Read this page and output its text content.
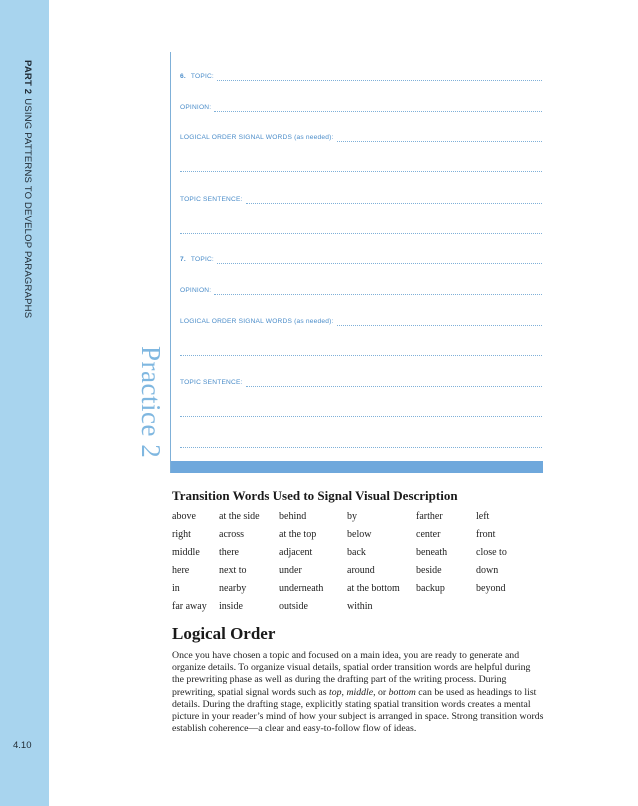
PART 2USING PATTERNS TO DEVELOP PARAGRAPHS
4.10
Practice 2
6. TOPIC:
OPINION:
LOGICAL ORDER SIGNAL WORDS (as needed):
TOPIC SENTENCE:
7. TOPIC:
OPINION:
LOGICAL ORDER SIGNAL WORDS (as needed):
TOPIC SENTENCE:
Transition Words Used to Signal Visual Description
above	at the side	behind	by	farther	left
right	across	at the top	below	center	front
middle	there	adjacent	back	beneath	close to
here	next to	under	around	beside	down
in	nearby	underneath	at the bottom	backup	beyond
far away	inside	outside	within		
Logical Order

Once you have chosen a topic and focused on a main idea, you are ready to generate and organize details. To organize visual details, spatial order transition words are helpful during the prewriting phase as well as during the drafting part of the writing process. During prewriting, spatial signal words such as top, middle, or bottom can be used as headings to list details. During the drafting stage, explicitly stating spatial transition words creates a mental picture in your reader’s mind of how your subject is arranged in space. Strong transition words establish coherence—a clear and easy-to-follow flow of ideas.
